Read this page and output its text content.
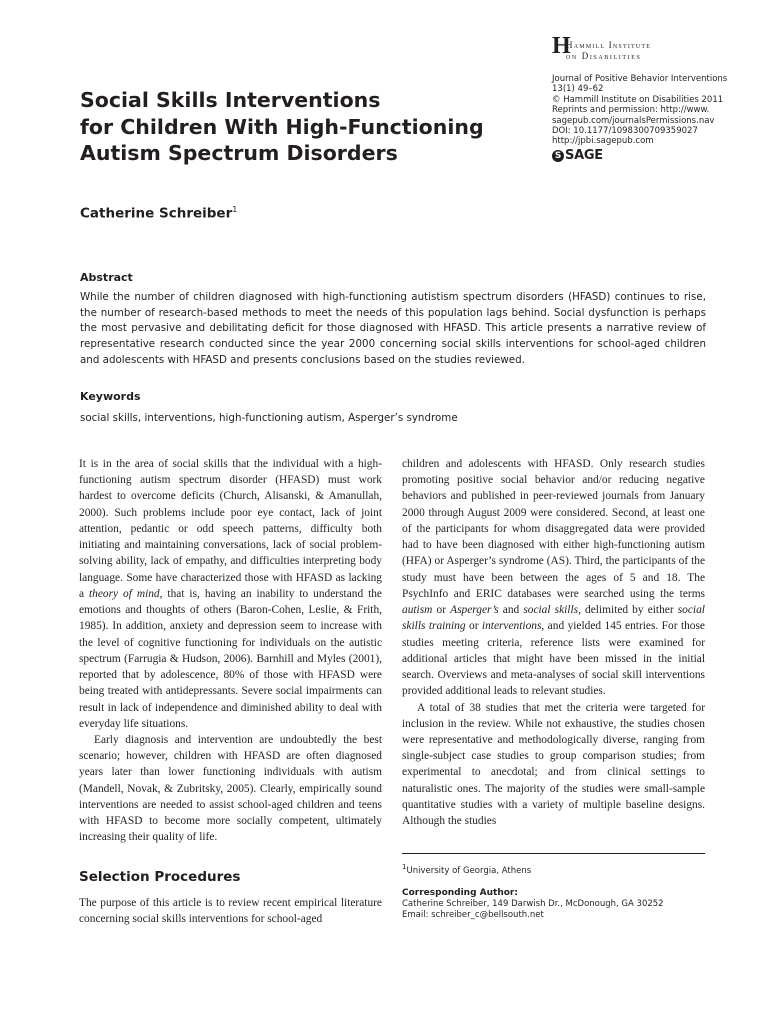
H
Hammill Institute
on Disabilities
Journal of Positive Behavior Interventions
13(1) 49–62
© Hammill Institute on Disabilities 2011
Reprints and permission: http://www.
sagepub.com/journalsPermissions.nav
DOI: 10.1177/1098300709359027
http://jpbi.sagepub.com
S SAGE
Social Skills Interventions
for Children With High-Functioning
Autism Spectrum Disorders
Catherine Schreiber$^1$
Abstract
While the number of children diagnosed with high-functioning autistism spectrum disorders (HFASD) continues to rise, the number of research-based methods to meet the needs of this population lags behind. Social dysfunction is perhaps the most pervasive and debilitating deficit for those diagnosed with HFASD. This article presents a narrative review of representative research conducted since the year 2000 concerning social skills interventions for school-aged children and adolescents with HFASD and presents conclusions based on the studies reviewed.
Keywords
social skills, interventions, high-functioning autism, Asperger’s syndrome

It is in the area of social skills that the individual with a high-functioning autism spectrum disorder (HFASD) must work hardest to overcome deficits (Church, Alisanski, & Amanullah, 2000). Such problems include poor eye contact, lack of joint attention, pedantic or odd speech patterns, difficulty both initiating and maintaining conversations, lack of social problem-solving ability, lack of empathy, and difficulties interpreting body language. Some have characterized those with HFASD as lacking a theory of mind, that is, having an inability to understand the emotions and thoughts of others (Baron-Cohen, Leslie, & Frith, 1985). In addition, anxiety and depression seem to increase with the level of cognitive functioning for individuals on the autistic spectrum (Farrugia & Hudson, 2006). Barnhill and Myles (2001), reported that by adolescence, 80% of those with HFASD were being treated with antidepressants. Severe social impairments can result in lack of independence and diminished ability to deal with everyday life situations.

Early diagnosis and intervention are undoubtedly the best scenario; however, children with HFASD are often diagnosed years later than lower functioning individuals with autism (Mandell, Novak, & Zubritsky, 2005). Clearly, empirically sound interventions are needed to assist school-aged children and teens with HFASD to become more socially competent, ultimately increasing their quality of life.

Selection Procedures
The purpose of this article is to review recent empirical literature concerning social skills interventions for school-aged

children and adolescents with HFASD. Only research studies promoting positive social behavior and/or reducing negative behaviors and published in peer-reviewed journals from January 2000 through August 2009 were considered. Second, at least one of the participants for whom disaggregated data were provided had to have been diagnosed with either high-functioning autism (HFA) or Asperger’s syndrome (AS). Third, the participants of the study must have been between the ages of 5 and 18. The PsychInfo and ERIC databases were searched using the terms autism or Asperger’s and social skills, delimited by either social skills training or interventions, and yielded 145 entries. For those studies meeting criteria, reference lists were examined for additional articles that might have been missed in the initial search. Overviews and meta-analyses of social skill interventions provided additional leads to relevant studies.

A total of 38 studies that met the criteria were targeted for inclusion in the review. While not exhaustive, the studies chosen were representative and methodologically diverse, ranging from single-subject case studies to group comparison studies; from experimental to anecdotal; and from clinical settings to naturalistic ones. The majority of the studies were small-sample quantitative studies with a variety of multiple baseline designs. Although the studies

$^1$University of Georgia, Athens
Corresponding Author:
Catherine Schreiber, 149 Darwish Dr., McDonough, GA 30252
Email: schreiber_c@bellsouth.net
